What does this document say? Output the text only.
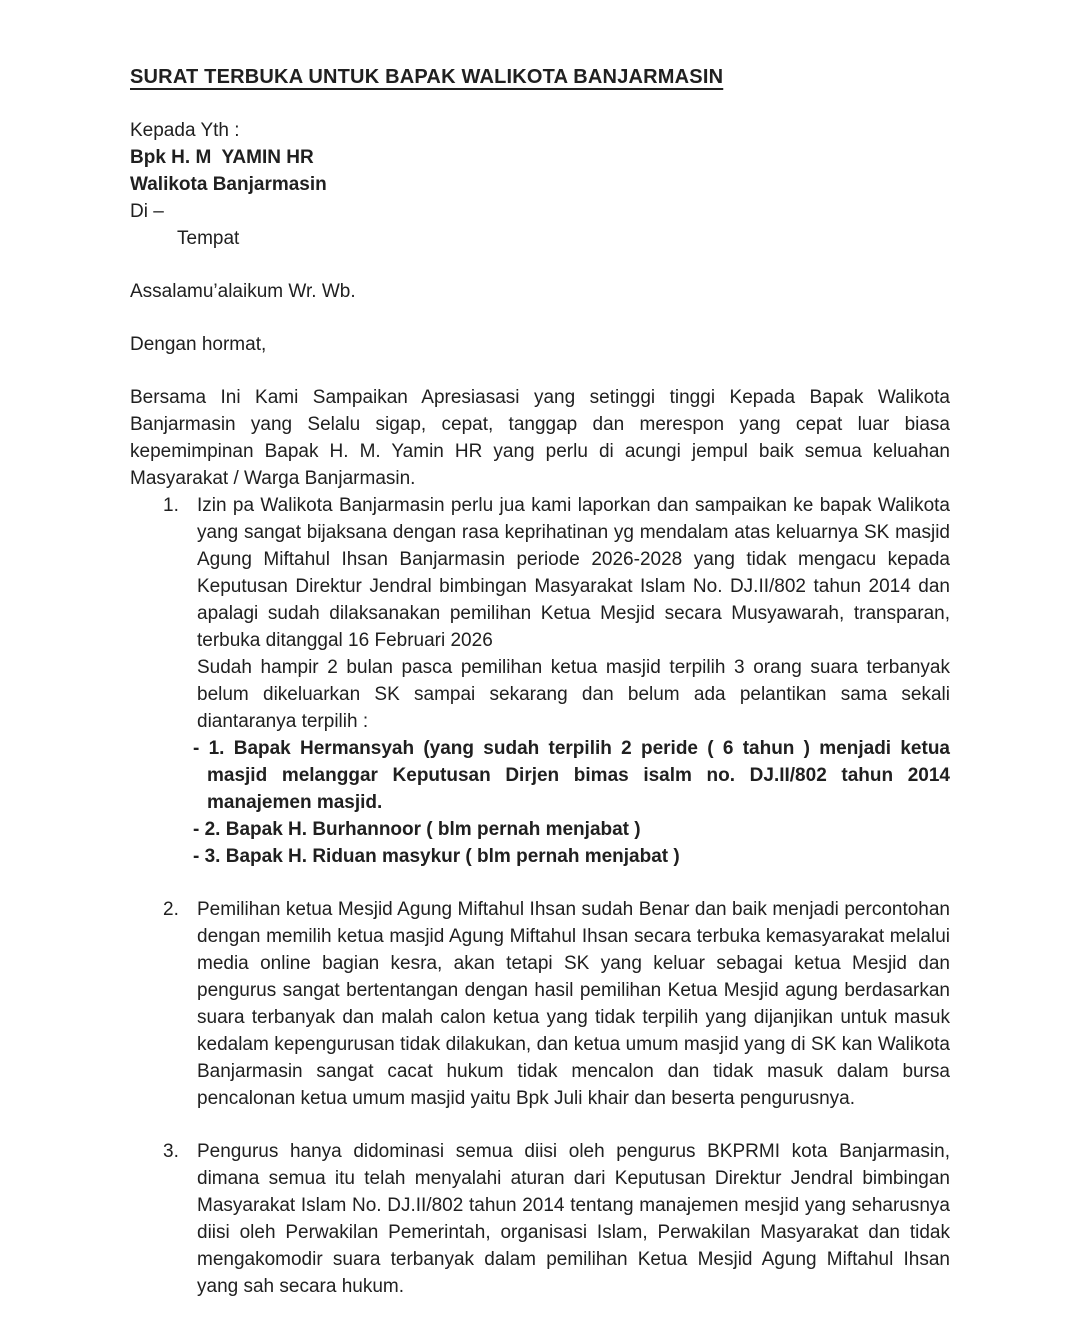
SURAT TERBUKA UNTUK BAPAK WALIKOTA BANJARMASIN

Kepada Yth :

Bpk H. M  YAMIN HR

Walikota Banjarmasin

Di –

Tempat

Assalamu’alaikum Wr. Wb.

Dengan hormat,

Bersama Ini Kami Sampaikan Apresiasasi yang setinggi tinggi Kepada Bapak Walikota Banjarmasin yang Selalu sigap, cepat, tanggap dan merespon yang cepat luar biasa kepemimpinan Bapak H. M. Yamin HR yang perlu di acungi jempul baik semua keluahan Masyarakat / Warga Banjarmasin.

1. Izin pa Walikota Banjarmasin perlu jua kami laporkan dan sampaikan ke bapak Walikota yang sangat bijaksana dengan rasa keprihatinan yg mendalam atas keluarnya SK masjid Agung Miftahul Ihsan Banjarmasin periode 2026-2028 yang tidak mengacu kepada Keputusan Direktur Jendral bimbingan Masyarakat Islam No. DJ.II/802 tahun 2014 dan apalagi sudah dilaksanakan pemilihan Ketua Mesjid secara Musyawarah, transparan, terbuka ditanggal 16 Februari 2026

Sudah hampir 2 bulan pasca pemilihan ketua masjid terpilih 3 orang suara terbanyak belum dikeluarkan SK sampai sekarang dan belum ada pelantikan sama sekali diantaranya terpilih :

- 1. Bapak Hermansyah (yang sudah terpilih 2 peride ( 6 tahun ) menjadi ketua masjid melanggar Keputusan Dirjen bimas isalm no. DJ.II/802 tahun 2014 manajemen masjid.

- 2. Bapak H. Burhannoor ( blm pernah menjabat )

- 3. Bapak H. Riduan masykur ( blm pernah menjabat )

2. Pemilihan ketua Mesjid Agung Miftahul Ihsan sudah Benar dan baik menjadi percontohan dengan memilih ketua masjid Agung Miftahul Ihsan secara terbuka kemasyarakat melalui media online bagian kesra, akan tetapi SK yang keluar sebagai ketua Mesjid dan pengurus sangat bertentangan dengan hasil pemilihan Ketua Mesjid agung berdasarkan suara terbanyak dan malah calon ketua yang tidak terpilih yang dijanjikan untuk masuk kedalam kepengurusan tidak dilakukan, dan ketua umum masjid yang di SK kan Walikota Banjarmasin sangat cacat hukum tidak mencalon dan tidak masuk dalam bursa pencalonan ketua umum masjid yaitu Bpk Juli khair dan beserta pengurusnya.
3. Pengurus hanya didominasi semua diisi oleh pengurus BKPRMI kota Banjarmasin, dimana semua itu telah menyalahi aturan dari Keputusan Direktur Jendral bimbingan Masyarakat Islam No. DJ.II/802 tahun 2014 tentang manajemen mesjid yang seharusnya diisi oleh Perwakilan Pemerintah, organisasi Islam, Perwakilan Masyarakat dan tidak mengakomodir suara terbanyak dalam pemilihan Ketua Mesjid Agung Miftahul Ihsan yang sah secara hukum.
